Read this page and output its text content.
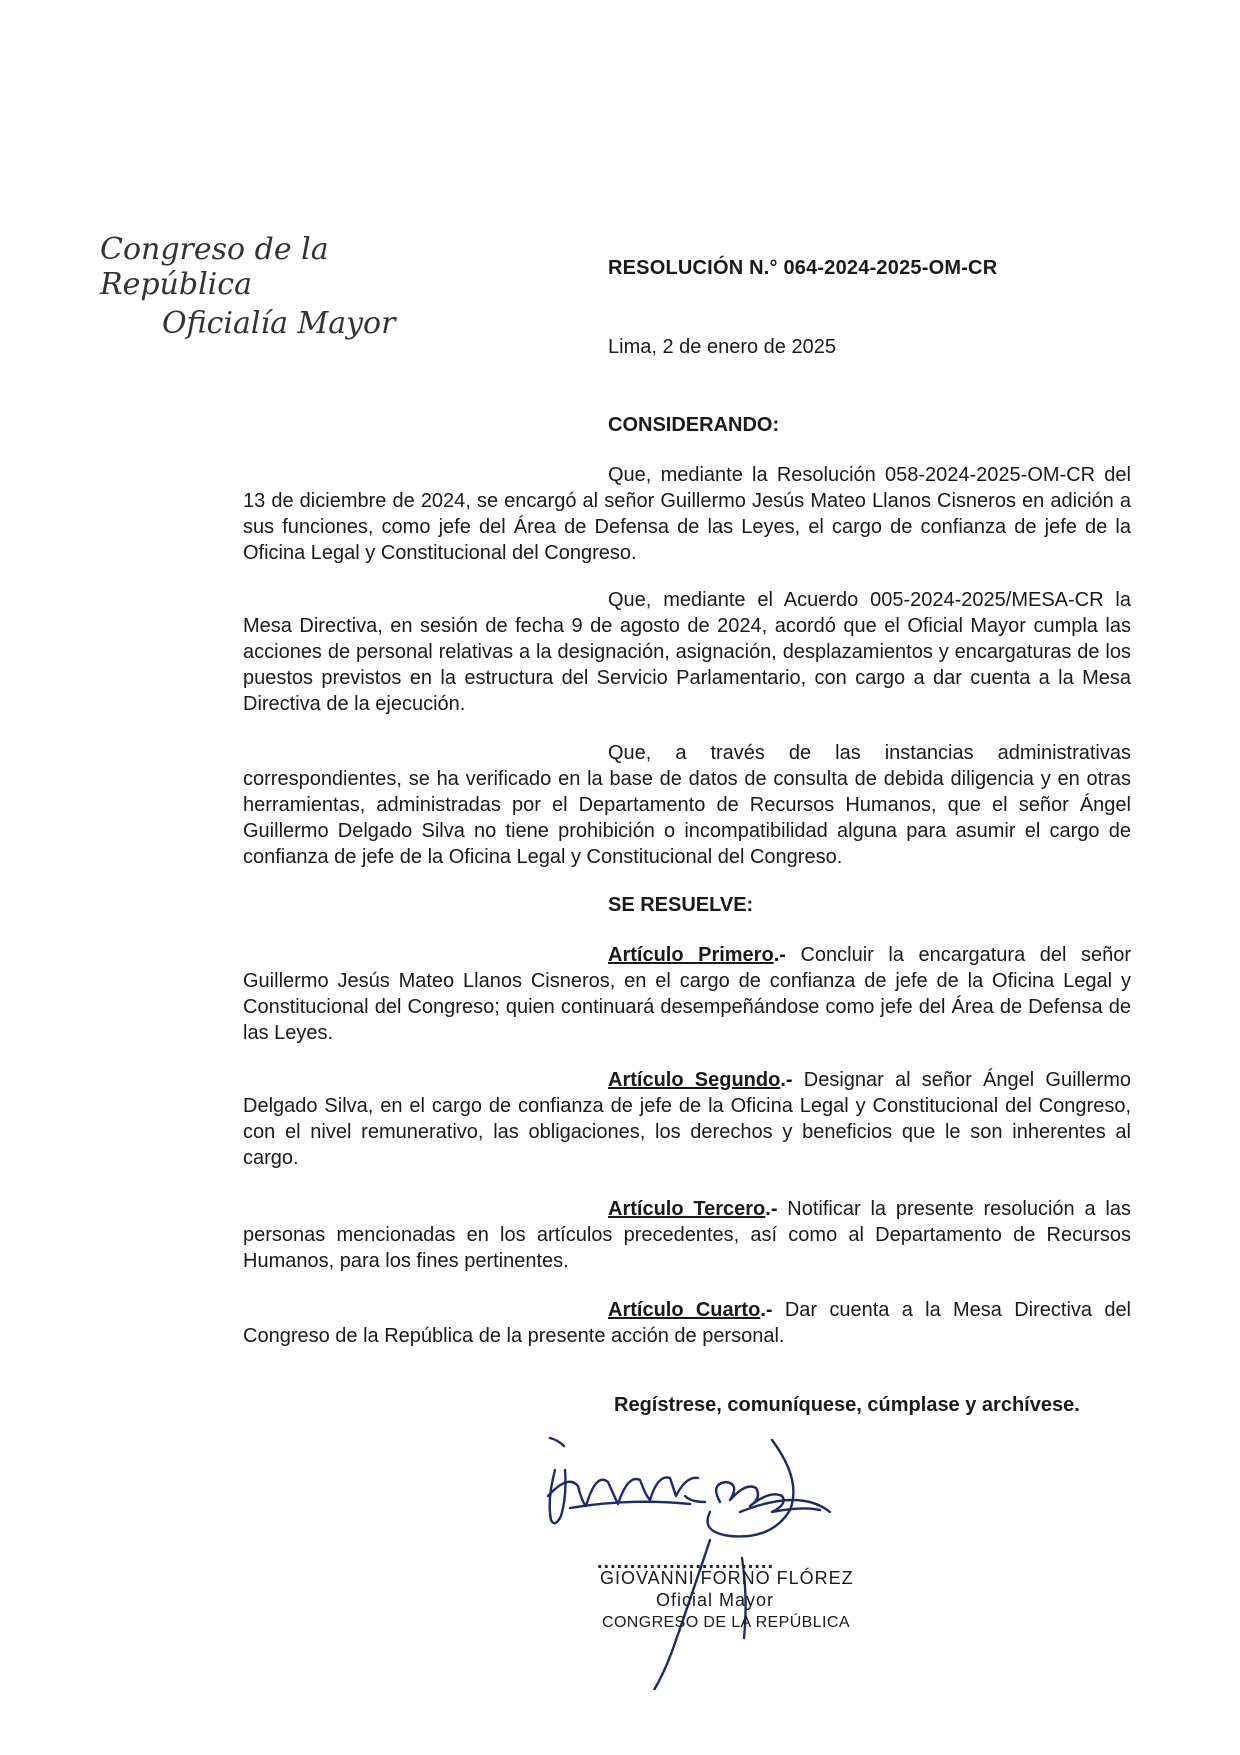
Congreso de la República
Oficialía Mayor
RESOLUCIÓN N.° 064-2024-2025-OM-CR
Lima, 2 de enero de 2025
CONSIDERANDO:

Que, mediante la Resolución 058-2024-2025-OM-CR del 13 de diciembre de 2024, se encargó al señor Guillermo Jesús Mateo Llanos Cisneros en adición a sus funciones, como jefe del Área de Defensa de las Leyes, el cargo de confianza de jefe de la Oficina Legal y Constitucional del Congreso.

Que, mediante el Acuerdo 005-2024-2025/MESA-CR la Mesa Directiva, en sesión de fecha 9 de agosto de 2024, acordó que el Oficial Mayor cumpla las acciones de personal relativas a la designación, asignación, desplazamientos y encargaturas de los puestos previstos en la estructura del Servicio Parlamentario, con cargo a dar cuenta a la Mesa Directiva de la ejecución.

Que, a través de las instancias administrativas correspondientes, se ha verificado en la base de datos de consulta de debida diligencia y en otras herramientas, administradas por el Departamento de Recursos Humanos, que el señor Ángel Guillermo Delgado Silva no tiene prohibición o incompatibilidad alguna para asumir el cargo de confianza de jefe de la Oficina Legal y Constitucional del Congreso.

SE RESUELVE:

Artículo Primero.- Concluir la encargatura del señor Guillermo Jesús Mateo Llanos Cisneros, en el cargo de confianza de jefe de la Oficina Legal y Constitucional del Congreso; quien continuará desempeñándose como jefe del Área de Defensa de las Leyes.

Artículo Segundo.- Designar al señor Ángel Guillermo Delgado Silva, en el cargo de confianza de jefe de la Oficina Legal y Constitucional del Congreso, con el nivel remunerativo, las obligaciones, los derechos y beneficios que le son inherentes al cargo.

Artículo Tercero.- Notificar la presente resolución a las personas mencionadas en los artículos precedentes, así como al Departamento de Recursos Humanos, para los fines pertinentes.

Artículo Cuarto.- Dar cuenta a la Mesa Directiva del Congreso de la República de la presente acción de personal.

Regístrese, comuníquese, cúmplase y archívese.
...........................
GIOVANNI FORNO FLÓREZ
Oficial Mayor
CONGRESO DE LA REPÚBLICA
